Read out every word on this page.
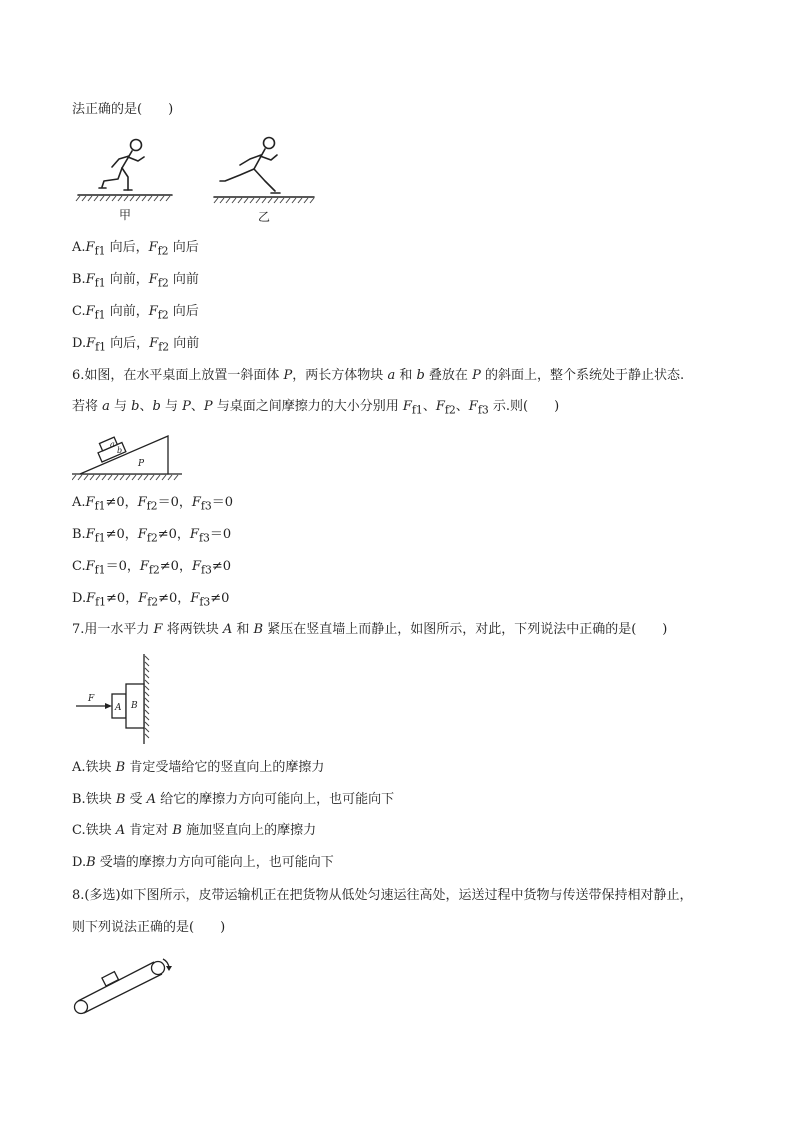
法正确的是(　　)
甲	乙
$A.F_{f1}$ 向后，$F_{f2}$ 向后
$B.F_{f1}$ 向前，$F_{f2}$ 向前
$C.F_{f1}$ 向前，$F_{f2}$ 向后
$D.F_{f1}$ 向后，$F_{f2}$ 向前
6.如图，在水平桌面上放置一斜面体 P，两长方体物块 a 和 b 叠放在 P 的斜面上，整个系统处于静止状态.
若将 a 与 b、b 与 P、P 与桌面之间摩擦力的大小分别用 $F_{f1}$、$F_{f2}$、$F_{f3}$ 示.则(　　)
a
b
P
$A.F_{f1}\ne 0$，$F_{f2}=0$，$F_{f3}=0$
$B.F_{f1}\ne 0$，$F_{f2}\ne 0$，$F_{f3}=0$
$C.F_{f1}=0$，$F_{f2}\ne 0$，$F_{f3}\ne 0$
$D.F_{f1}\ne 0$，$F_{f2}\ne 0$，$F_{f3}\ne 0$
7.用一水平力 F 将两铁块 A 和 B 紧压在竖直墙上而静止，如图所示，对此，下列说法中正确的是(　　)
F
A B
A.铁块 B 肯定受墙给它的竖直向上的摩擦力
B.铁块 B 受 A 给它的摩擦力方向可能向上，也可能向下
C.铁块 A 肯定对 B 施加竖直向上的摩擦力
D.B 受墙的摩擦力方向可能向上，也可能向下
8.(多选)如下图所示，皮带运输机正在把货物从低处匀速运往高处，运送过程中货物与传送带保持相对静止，
则下列说法正确的是(　　)
